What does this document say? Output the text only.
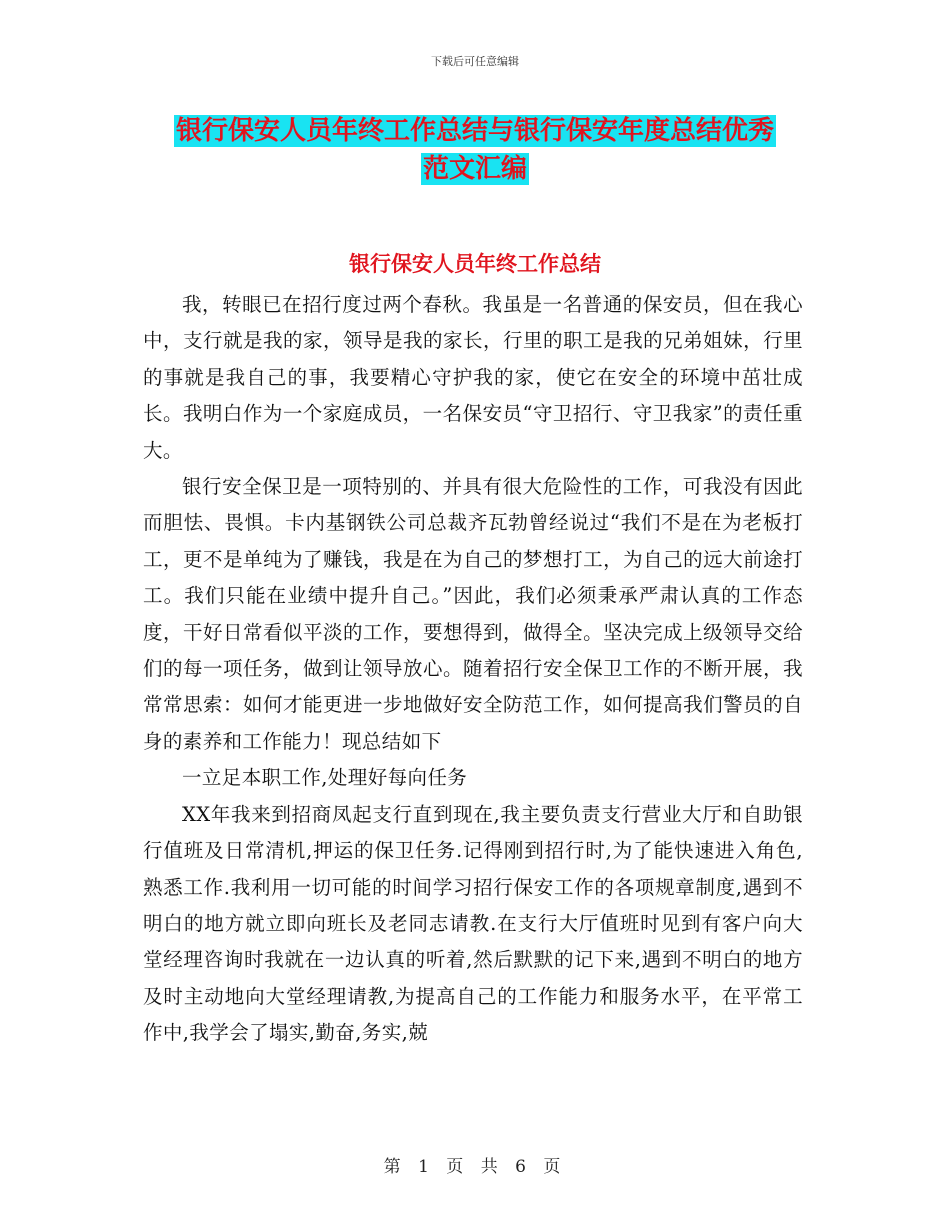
下载后可任意编辑
银行保安人员年终工作总结与银行保安年度总结优秀
范文汇编
银行保安人员年终工作总结

我，转眼已在招行度过两个春秋。我虽是一名普通的保安员，但在我心中，支行就是我的家，领导是我的家长，行里的职工是我的兄弟姐妹，行里的事就是我自己的事，我要精心守护我的家，使它在安全的环境中茁壮成长。我明白作为一个家庭成员，一名保安员“守卫招行、守卫我家”的责任重大。

银行安全保卫是一项特别的、并具有很大危险性的工作，可我没有因此而胆怯、畏惧。卡内基钢铁公司总裁齐瓦勃曾经说过“我们不是在为老板打工，更不是单纯为了赚钱，我是在为自己的梦想打工，为自己的远大前途打工。我们只能在业绩中提升自己。”因此，我们必须秉承严肃认真的工作态度，干好日常看似平淡的工作，要想得到，做得全。坚决完成上级领导交给们的每一项任务，做到让领导放心。随着招行安全保卫工作的不断开展，我常常思索：如何才能更进一步地做好安全防范工作，如何提高我们警员的自身的素养和工作能力！现总结如下

一立足本职工作,处理好每向任务

XX年我来到招商凤起支行直到现在,我主要负责支行营业大厅和自助银行值班及日常清机,押运的保卫任务.记得刚到招行时,为了能快速进入角色,熟悉工作.我利用一切可能的时间学习招行保安工作的各项规章制度,遇到不明白的地方就立即向班长及老同志请教.在支行大厅值班时见到有客户向大堂经理咨询时我就在一边认真的听着,然后默默的记下来,遇到不明白的地方及时主动地向大堂经理请教,为提高自己的工作能力和服务水平，在平常工作中,我学会了塌实,勤奋,务实,兢

第 1 页 共 6 页
